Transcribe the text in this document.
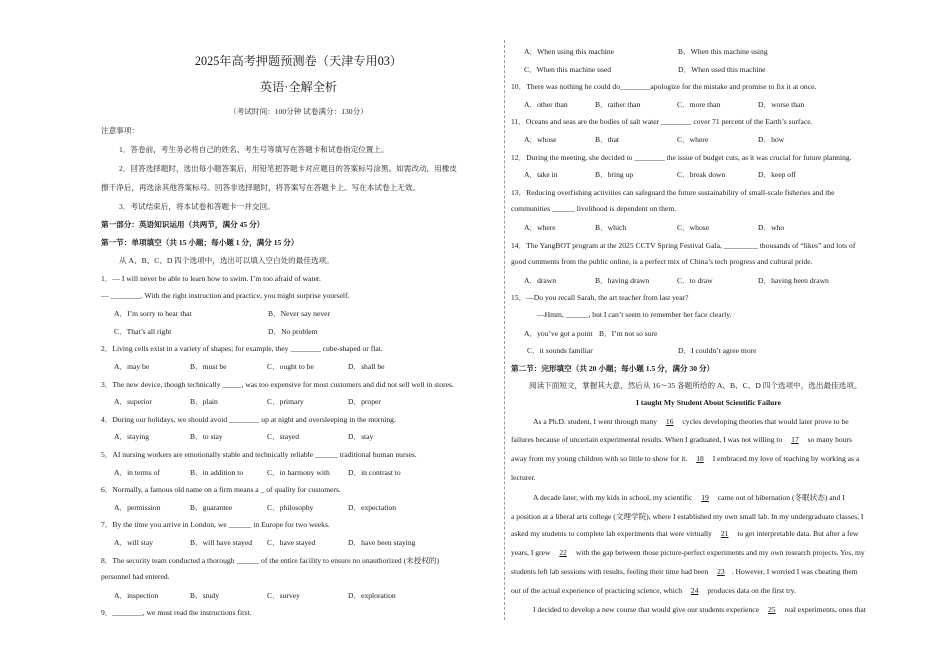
2025年高考押题预测卷（天津专用03）
英语·全解全析
（考试时间：100分钟 试卷满分：130分）
注意事项：
1．答卷前，考生务必将自己的姓名、考生号等填写在答题卡和试卷指定位置上。
2．回答选择题时，选出每小题答案后，用铅笔把答题卡对应题目的答案标号涂黑。如需改动，用橡皮
擦干净后，再选涂其他答案标号。回答非选择题时，将答案写在答题卡上。写在本试卷上无效。
3．考试结束后，将本试卷和答题卡一并交回。
第一部分：英语知识运用（共两节，满分 45 分）
第一节：单项填空（共 15 小题；每小题 1 分，满分 15 分）
从 A、B、C、D 四个选项中，选出可以填入空白处的最佳选项。
1．— I will never be able to learn how to swim. I’m too afraid of water.
— ________. With the right instruction and practice, you might surprise yourself.
A．I’m sorry to hear that	B．Never say never
C．That’s all right	D．No problem
2．Living cells exist in a variety of shapes; for example, they ________ cube-shaped or flat.
A．may be	B．must be	C．ought to be	D．shall be
3．The new device, though technically _____, was too expensive for most customers and did not sell well in stores.
A．superior	B．plain	C．primary	D．proper
4．During our holidays, we should avoid ________ up at night and oversleeping in the morning.
A．staying	B．to stay	C．stayed	D．stay
5．AI nursing workers are emotionally stable and technically reliable ______ traditional human nurses.
A．in terms of	B．in addition to	C．in harmony with D．in contrast to
6．Normally, a famous old name on a firm means a _ of quality for customers.
A．permission	B．guarantee	C．philosophy	D．expectation
7．By the time you arrive in London, we ______ in Europe for two weeks.
A．will stay	B．will have stayed C．have stayed	D．have been staying
8．The security team conducted a thorough ______ of the entire facility to ensure no unauthorized (未授权的)
personnel had entered.
A．inspection	B．study	C．survey	D．exploration
9．________, we must read the instructions first.
A．When using this machine	B．When this machine using
C．When this machine used	D．When used this machine
10．There was nothing he could do________apologize for the mistake and promise to fix it at once.
A．other than	B．rather than	C．more than	D．worse than
11．Oceans and seas are the bodies of salt water ________ cover 71 percent of the Earth’s surface.
A．whose	B．that	C．where	D．how
12．During the meeting, she decided to ________ the issue of budget cuts, as it was crucial for future planning.
A．take in	B．bring up	C．break down	D．keep off
13．Reducing overfishing activities can safeguard the future sustainability of small-scale fisheries and the
communities ______ livelihood is dependent on them.
A．where	B．which	C．whose	D．who
14．The YangBOT program at the 2025 CCTV Spring Festival Gala, _________ thousands of “likes” and lots of
good comments from the public online, is a perfect mix of China’s tech progress and cultural pride.
A．drawn	B．having drawn	C．to draw	D．having been drawn
15．—Do you recall Sarah, the art teacher from last year?
—Hmm, ______, but I can’t seem to remember her face clearly.
A．you’ve got a point B．I’m not so sure
C．it sounds familiar	D．I couldn’t agree more
第二节：完形填空（共 20 小题；每小题 1.5 分，满分 30 分）
阅读下面短文，掌握其大意，然后从 16～35 各题所给的 A、B、C、D 四个选项中，选出最佳选项。
I taught My Student About Scientific Failure
As a Ph.D. student, I went through many 16 cycles developing theories that would later prove to be
failures because of uncertain experimental results. When I graduated, I was not willing to 17 so many hours
away from my young children with so little to show for it. 18 I embraced my love of teaching by working as a
lecturer.
A decade later, with my kids in school, my scientific 19 came out of hibernation (冬眠状态) and I
a position at a liberal arts college (文理学院), where I established my own small lab. In my undergraduate classes, I
asked my students to complete lab experiments that were virtually 21 to get interpretable data. But after a few
years, I grew 22 with the gap between those picture-perfect experiments and my own research projects. Yes, my
students left lab sessions with results, feeling their time had been 23 . However, I worried I was cheating them
out of the actual experience of practicing science, which 24 produces data on the first try.
I decided to develop a new course that would give our students experience 25 real experiments, ones that
